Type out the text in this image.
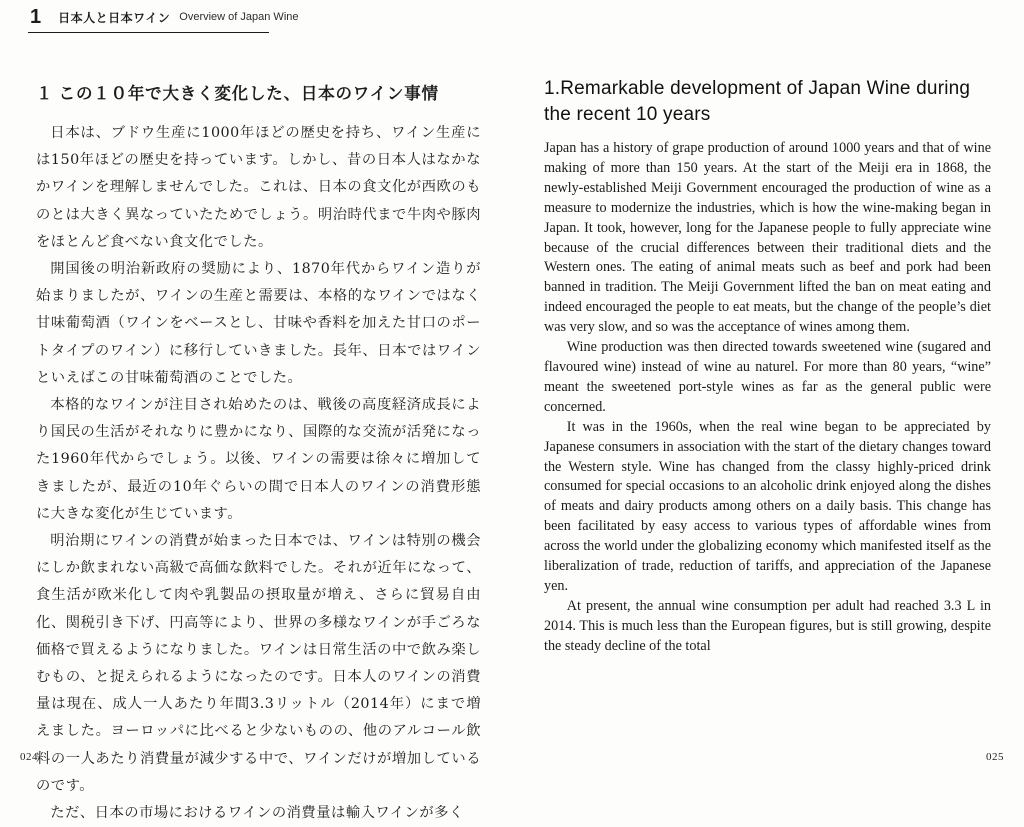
1	日本人と日本ワイン Overview of Japan Wine
１ この１０年で大きく変化した、日本のワイン事情

日本は、ブドウ生産に1000年ほどの歴史を持ち、ワイン生産には150年ほどの歴史を持っています。しかし、昔の日本人はなかなかワインを理解しませんでした。これは、日本の食文化が西欧のものとは大きく異なっていたためでしょう。明治時代まで牛肉や豚肉をほとんど食べない食文化でした。

開国後の明治新政府の奨励により、1870年代からワイン造りが始まりましたが、ワインの生産と需要は、本格的なワインではなく甘味葡萄酒（ワインをベースとし、甘味や香料を加えた甘口のポートタイプのワイン）に移行していきました。長年、日本ではワインといえばこの甘味葡萄酒のことでした。

本格的なワインが注目され始めたのは、戦後の高度経済成長により国民の生活がそれなりに豊かになり、国際的な交流が活発になった1960年代からでしょう。以後、ワインの需要は徐々に増加してきましたが、最近の10年ぐらいの間で日本人のワインの消費形態に大きな変化が生じています。

明治期にワインの消費が始まった日本では、ワインは特別の機会にしか飲まれない高級で高価な飲料でした。それが近年になって、食生活が欧米化して肉や乳製品の摂取量が増え、さらに貿易自由化、関税引き下げ、円高等により、世界の多様なワインが手ごろな価格で買えるようになりました。ワインは日常生活の中で飲み楽しむもの、と捉えられるようになったのです。日本人のワインの消費量は現在、成人一人あたり年間3.3リットル（2014年）にまで増えました。ヨーロッパに比べると少ないものの、他のアルコール飲料の一人あたり消費量が減少する中で、ワインだけが増加しているのです。

ただ、日本の市場におけるワインの消費量は輸入ワインが多く

1.Remarkable development of Japan Wine during the recent 10 years

Japan has a history of grape production of around 1000 years and that of wine making of more than 150 years. At the start of the Meiji era in 1868, the newly-established Meiji Government encouraged the production of wine as a measure to modernize the industries, which is how the wine-making began in Japan. It took, however, long for the Japanese people to fully appreciate wine because of the crucial differences between their traditional diets and the Western ones. The eating of animal meats such as beef and pork had been banned in tradition. The Meiji Government lifted the ban on meat eating and indeed encouraged the people to eat meats, but the change of the people’s diet was very slow, and so was the acceptance of wines among them.

Wine production was then directed towards sweetened wine (sugared and flavoured wine) instead of wine au naturel. For more than 80 years, “wine” meant the sweetened port-style wines as far as the general public were concerned.

It was in the 1960s, when the real wine began to be appreciated by Japanese consumers in association with the start of the dietary changes toward the Western style. Wine has changed from the classy highly-priced drink consumed for special occasions to an alcoholic drink enjoyed along the dishes of meats and dairy products among others on a daily basis. This change has been facilitated by easy access to various types of affordable wines from across the world under the globalizing economy which manifested itself as the liberalization of trade, reduction of tariffs, and appreciation of the Japanese yen.

At present, the annual wine consumption per adult had reached 3.3 L in 2014. This is much less than the European figures, but is still growing, despite the steady decline of the total

024	025
